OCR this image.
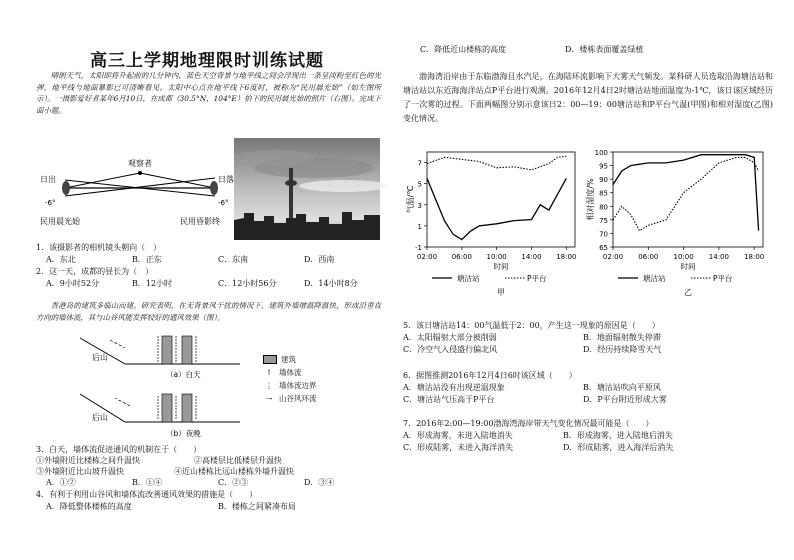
高三上学期地理限时训练试题
晴朗天气，太阳即将升起前的几分钟内，蓝色天空背景与地平线之间会浮现出一条呈淡粉至红色的光弹，地平线与地面暴影已可清晰看见。太阳中心点在地平线下6度时，被称为“民用晨光始”（如左图所示）。一摄影爱好者某年6月10日，在成都（30.5°N，104°E）拍下的民用晨光始的照片（右图）。完成下面小题。
观察者
日出	日落
-6°	-6°
民用晨光始	民用昏影终
1．该摄影者的相机镜头朝向（　）
A．东北	B．正东	C．东南	D．西南
2．这一天，成都的昼长为（　）
A．9小时52分	B．12小时	C．12小时56分	D．14小时8分
香港岛的建筑多临山而建。研究表明，在无背景风干扰的情况下，建筑外墙增温降温快，形成沿垂直方向的墙体流，其与山谷风能发挥较好的通风效果（图）。
后山
（a）白天
后山
（b）夜晚
建筑
↑ 墙体流
⋮ 墙体流边界
⇢ 山谷风环流
3．白天，墙体流促进通风的机制在于（　　）
①外墙附近比楼栋之间升温快	②高楼层比低楼层升温快
③外墙附近比山坡升温快	④近山楼栋比远山楼栋外墙升温快
A．①②	B．①④	C．②③	D．③④
4．有利于利用山谷风和墙体流改善通风效果的措施是（　　）
A．降低整体楼栋的高度	B．楼栋之间紧凑布局
C．降低近山楼栋的高度	D．楼栋表面覆盖绿植
渤海湾沿岸由于东临渤海且水汽足，在海陆环流影响下大雾天气频发。某科研人员选取沿海塘沽站和塘沽站以东近海海洋站点P平台进行观测。2016年12月4日2时塘沽站地面温度为-1℃，该日该区域经历了一次雾的过程。下面两幅图分别示意该日2：00—19：00塘沽站和P平台气温(甲图)和相对湿度(乙图)变化情况。
-1
1
3
5
7
02:00 06:00 10:00 14:00 18:00
时间
气温/℃
塘沽站	P平台
甲
65
70
75
80
85
90
95
100
02:00 06:00 10:00 14:00 18:00
时间
相对湿度/%
塘沽站	P平台
乙
5．该日塘沽站14：00气温低于2：00，产生这一现象的原因是（　　）
A．太阳辐射大部分被削弱	B．地面辐射散失停滞
C．冷空气入侵盛行偏北风	D．经历持续降雪天气
6．据图推测2016年12月4日6时该区域（　　）
A．塘沽站没有出现逆温现象	B．塘沽站吹向平原风
C．塘沽站气压高于P平台	D．P平台附近形成大雾
7．2016年2:00—19:00渤海湾海岸带天气变化情况最可能是（　　）
A．形成海雾，未进入陆地消失	B．形成海雾，进入陆地后消失
C．形成陆雾，未进入海洋消失	D．形成陆雾，进入海洋后消失
